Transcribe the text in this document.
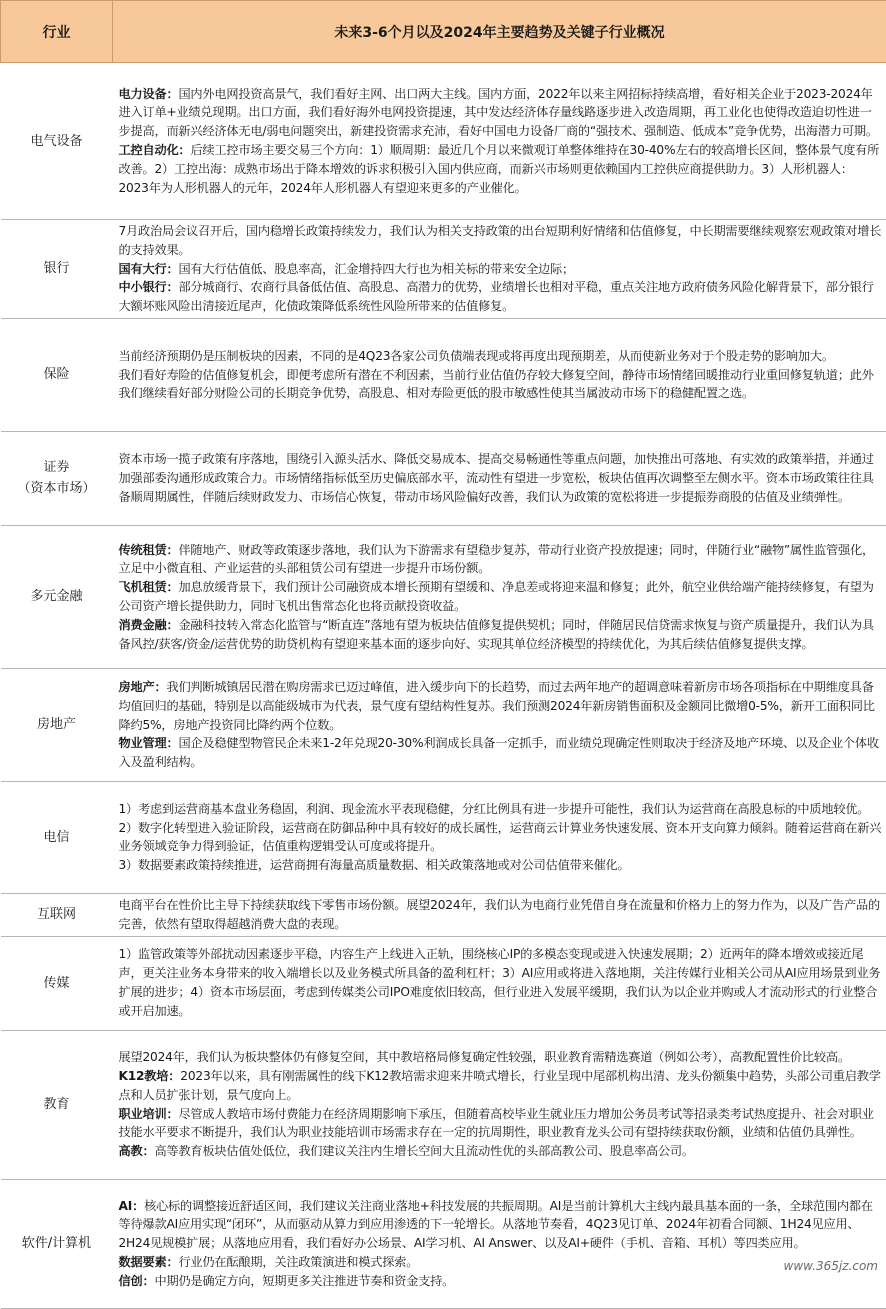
行业	未来3-6个月以及2024年主要趋势及关键子行业概况

电气设备	电力设备：国内外电网投资高景气，我们看好主网、出口两大主线。国内方面，2022年以来主网招标持续高增，看好相关企业于2023-2024年进入订单+业绩兑现期。出口方面，我们看好海外电网投资提速，其中发达经济体存量线路逐步进入改造周期，再工业化也使得改造迫切性进一步提高，而新兴经济体无电/弱电问题突出，新建投资需求充沛，看好中国电力设备厂商的“强技术、强制造、低成本”竞争优势，出海潜力可期。

工控自动化：后续工控市场主要交易三个方向：1）顺周期：最近几个月以来微观订单整体维持在30-40%左右的较高增长区间，整体景气度有所改善。2）工控出海：成熟市场出于降本增效的诉求积极引入国内供应商，而新兴市场则更依赖国内工控供应商提供助力。3）人形机器人：2023年为人形机器人的元年，2024年人形机器人有望迎来更多的产业催化。

银行	7月政治局会议召开后，国内稳增长政策持续发力，我们认为相关支持政策的出台短期利好情绪和估值修复，中长期需要继续观察宏观政策对增长的支持效果。

国有大行：国有大行估值低、股息率高，汇金增持四大行也为相关标的带来安全边际；

中小银行：部分城商行、农商行具备低估值、高股息、高潜力的优势，业绩增长也相对平稳，重点关注地方政府债务风险化解背景下，部分银行大额坏账风险出清接近尾声，化债政策降低系统性风险所带来的估值修复。

保险	当前经济预期仍是压制板块的因素，不同的是4Q23各家公司负债端表现或将再度出现预期差，从而使新业务对于个股走势的影响加大。

我们看好寿险的估值修复机会，即便考虑所有潜在不利因素，当前行业估值仍存较大修复空间，静待市场情绪回暖推动行业重回修复轨道；此外我们继续看好部分财险公司的长期竞争优势，高股息、相对寿险更低的股市敏感性使其当属波动市场下的稳健配置之选。

证券
（资本市场）	资本市场一揽子政策有序落地，围绕引入源头活水、降低交易成本、提高交易畅通性等重点问题，加快推出可落地、有实效的政策举措，并通过加强部委沟通形成政策合力。市场情绪指标低至历史偏底部水平，流动性有望进一步宽松，板块估值再次调整至左侧水平。资本市场政策往往具备顺周期属性，伴随后续财政发力、市场信心恢复，带动市场风险偏好改善，我们认为政策的宽松将进一步提振券商股的估值及业绩弹性。

多元金融	传统租赁：伴随地产、财政等政策逐步落地，我们认为下游需求有望稳步复苏，带动行业资产投放提速；同时，伴随行业“融物”属性监管强化，立足中小微直租、产业运营的头部租赁公司有望进一步提升市场份额。

飞机租赁：加息放缓背景下，我们预计公司融资成本增长预期有望缓和、净息差或将迎来温和修复；此外，航空业供给端产能持续修复，有望为公司资产增长提供助力，同时飞机出售常态化也将贡献投资收益。

消费金融：金融科技转入常态化监管与“断直连”落地有望为板块估值修复提供契机；同时，伴随居民信贷需求恢复与资产质量提升，我们认为具备风控/获客/资金/运营优势的助贷机构有望迎来基本面的逐步向好、实现其单位经济模型的持续优化，为其后续估值修复提供支撑。

房地产	房地产：我们判断城镇居民潜在购房需求已迈过峰值，进入缓步向下的长趋势，而过去两年地产的超调意味着新房市场各项指标在中期维度具备均值回归的基础，特别是以高能级城市为代表，景气度有望结构性复苏。我们预测2024年新房销售面积及金额同比微增0-5%，新开工面积同比降约5%，房地产投资同比降约两个位数。

物业管理：国企及稳健型物管民企未来1-2年兑现20-30%利润成长具备一定抓手，而业绩兑现确定性则取决于经济及地产环境、以及企业个体收入及盈利结构。

电信	1）考虑到运营商基本盘业务稳固，利润、现金流水平表现稳健，分红比例具有进一步提升可能性，我们认为运营商在高股息标的中质地较优。

2）数字化转型进入验证阶段，运营商在防御品种中具有较好的成长属性，运营商云计算业务快速发展、资本开支向算力倾斜。随着运营商在新兴业务领域竞争力得到验证，估值重构逻辑受认可度或将提升。

3）数据要素政策持续推进，运营商拥有海量高质量数据、相关政策落地或对公司估值带来催化。

互联网	电商平台在性价比主导下持续获取线下零售市场份额。展望2024年，我们认为电商行业凭借自身在流量和价格力上的努力作为，以及广告产品的完善，依然有望取得超越消费大盘的表现。

传媒	1）监管政策等外部扰动因素逐步平稳，内容生产上线进入正轨，围绕核心IP的多模态变现或进入快速发展期；2）近两年的降本增效或接近尾声，更关注业务本身带来的收入端增长以及业务模式所具备的盈利杠杆；3）AI应用或将进入落地期，关注传媒行业相关公司从AI应用场景到业务扩展的进步；4）资本市场层面，考虑到传媒类公司IPO难度依旧较高，但行业进入发展平缓期，我们认为以企业并购或人才流动形式的行业整合或开启加速。

教育	展望2024年，我们认为板块整体仍有修复空间，其中教培格局修复确定性较强，职业教育需精选赛道（例如公考），高教配置性价比较高。

K12教培：2023年以来，具有刚需属性的线下K12教培需求迎来井喷式增长，行业呈现中尾部机构出清、龙头份额集中趋势，头部公司重启教学点和人员扩张计划，景气度向上。

职业培训：尽管成人教培市场付费能力在经济周期影响下承压，但随着高校毕业生就业压力增加公务员考试等招录类考试热度提升、社会对职业技能水平要求不断提升，我们认为职业技能培训市场需求存在一定的抗周期性，职业教育龙头公司有望持续获取份额，业绩和估值仍具弹性。

高教：高等教育板块估值处低位，我们建议关注内生增长空间大且流动性优的头部高教公司、股息率高公司。

软件/计算机	AI：核心标的调整接近舒适区间，我们建议关注商业落地+科技发展的共振周期。AI是当前计算机大主线内最具基本面的一条，全球范围内都在等待爆款AI应用实现“闭环”，从而驱动从算力到应用渗透的下一轮增长。从落地节奏看，4Q23见订单、2024年初看合同额、1H24见应用、2H24见规模扩展；从落地应用看，我们看好办公场景、AI学习机、AI Answer、以及AI+硬件（手机、音箱、耳机）等四类应用。

数据要素：行业仍在酝酿期，关注政策演进和模式探索。

信创：中期仍是确定方向，短期更多关注推进节奏和资金支持。

www.365jz.com
